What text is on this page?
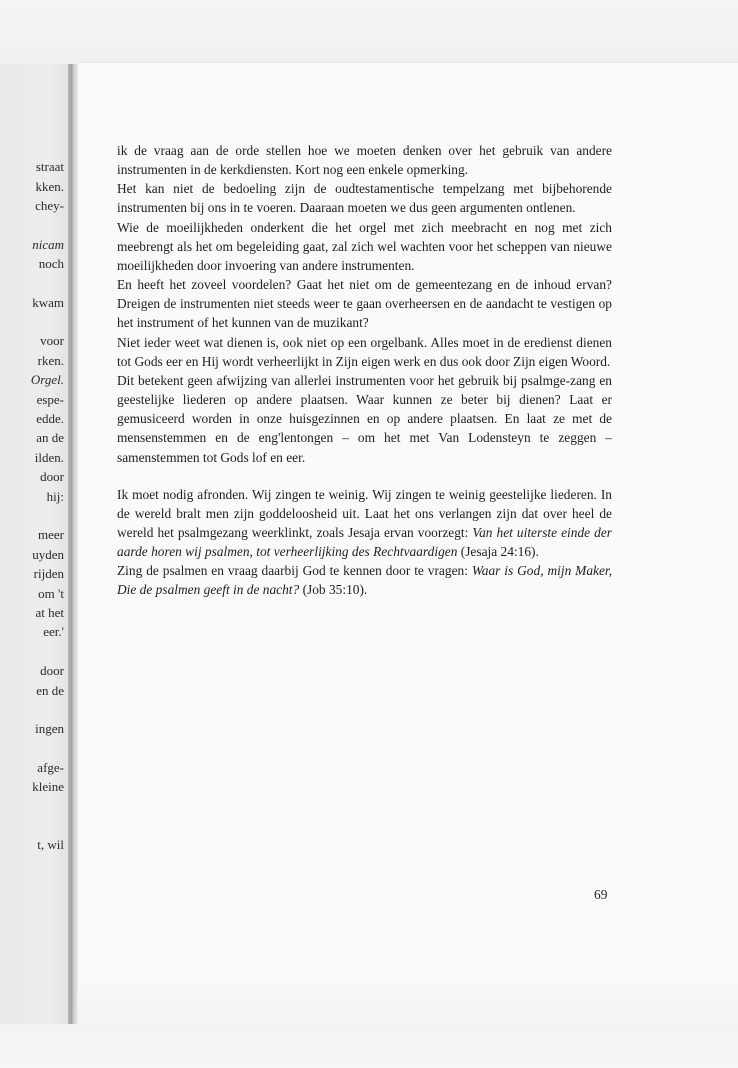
straat
kken.
chey-
nicam
noch
kwam
voor
rken.
Orgel.
espe-
edde.
an de
ilden.
door
hij:
meer
uyden
rijden
om 't
at het
eer.'
door
en de
ingen
afge-
kleine
t, wil

ik de vraag aan de orde stellen hoe we moeten denken over het gebruik van andere instrumenten in de kerkdiensten. Kort nog een enkele opmerking.

Het kan niet de bedoeling zijn de oudtestamentische tempelzang met bijbehorende instrumenten bij ons in te voeren. Daaraan moeten we dus geen argumenten ontlenen.

Wie de moeilijkheden onderkent die het orgel met zich meebracht en nog met zich meebrengt als het om begeleiding gaat, zal zich wel wachten voor het scheppen van nieuwe moeilijkheden door invoering van andere instrumenten.

En heeft het zoveel voordelen? Gaat het niet om de gemeentezang en de inhoud ervan? Dreigen de instrumenten niet steeds weer te gaan overheersen en de aandacht te vestigen op het instrument of het kunnen van de muzikant?

Niet ieder weet wat dienen is, ook niet op een orgelbank. Alles moet in de eredienst dienen tot Gods eer en Hij wordt verheerlijkt in Zijn eigen werk en dus ook door Zijn eigen Woord.

Dit betekent geen afwijzing van allerlei instrumenten voor het gebruik bij psalmge-zang en geestelijke liederen op andere plaatsen. Waar kunnen ze beter bij dienen? Laat er gemusiceerd worden in onze huisgezinnen en op andere plaatsen. En laat ze met de mensenstemmen en de eng'lentongen – om het met Van Lodensteyn te zeggen – samenstemmen tot Gods lof en eer.

Ik moet nodig afronden. Wij zingen te weinig. Wij zingen te weinig geestelijke liederen. In de wereld bralt men zijn goddeloosheid uit. Laat het ons verlangen zijn dat over heel de wereld het psalmgezang weerklinkt, zoals Jesaja ervan voorzegt: Van het uiterste einde der aarde horen wij psalmen, tot verheerlijking des Rechtvaardigen (Jesaja 24:16).

Zing de psalmen en vraag daarbij God te kennen door te vragen: Waar is God, mijn Maker, Die de psalmen geeft in de nacht? (Job 35:10).

69
